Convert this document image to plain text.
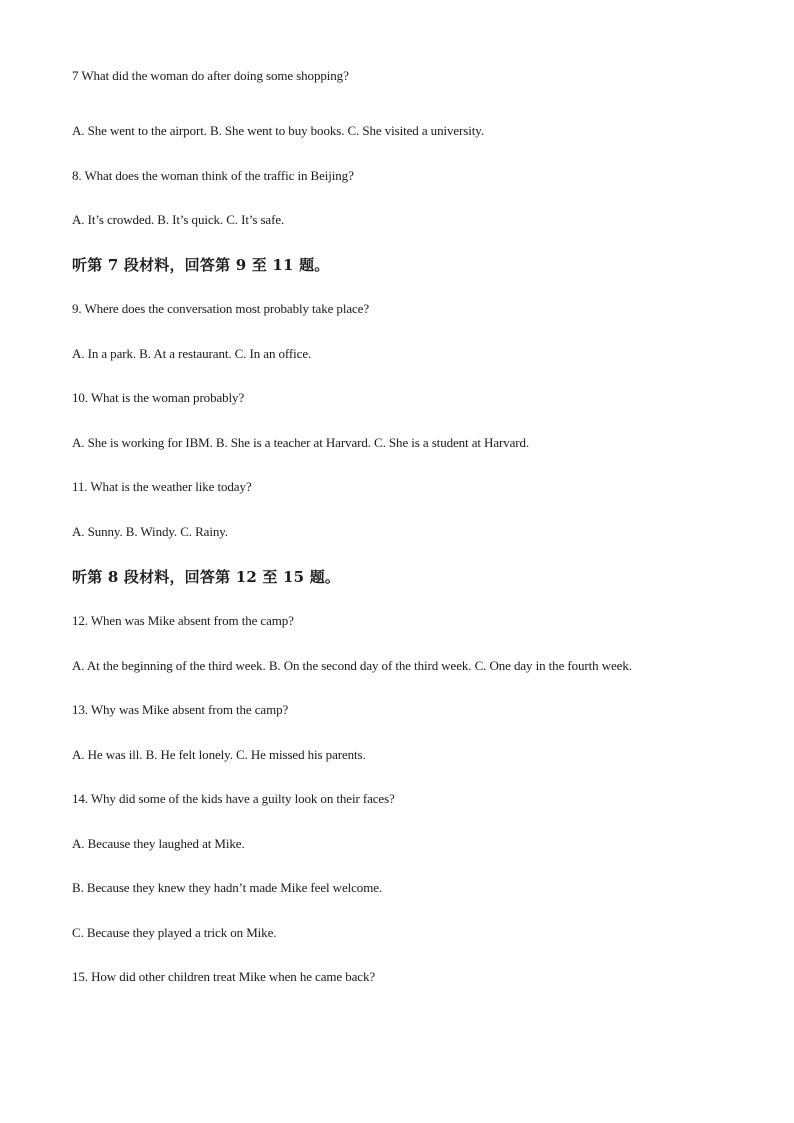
7 What did the woman do after doing some shopping?
A. She went to the airport. B. She went to buy books. C. She visited a university.
8. What does the woman think of the traffic in Beijing?
A. It’s crowded. B. It’s quick. C. It’s safe.
听第 7 段材料，回答第 9 至 11 题。
9. Where does the conversation most probably take place?
A. In a park. B. At a restaurant. C. In an office.
10. What is the woman probably?
A. She is working for IBM. B. She is a teacher at Harvard. C. She is a student at Harvard.
11. What is the weather like today?
A. Sunny. B. Windy. C. Rainy.
听第 8 段材料，回答第 12 至 15 题。
12. When was Mike absent from the camp?
A. At the beginning of the third week. B. On the second day of the third week. C. One day in the fourth week.
13. Why was Mike absent from the camp?
A. He was ill. B. He felt lonely. C. He missed his parents.
14. Why did some of the kids have a guilty look on their faces?
A. Because they laughed at Mike.
B. Because they knew they hadn’t made Mike feel welcome.
C. Because they played a trick on Mike.
15. How did other children treat Mike when he came back?
